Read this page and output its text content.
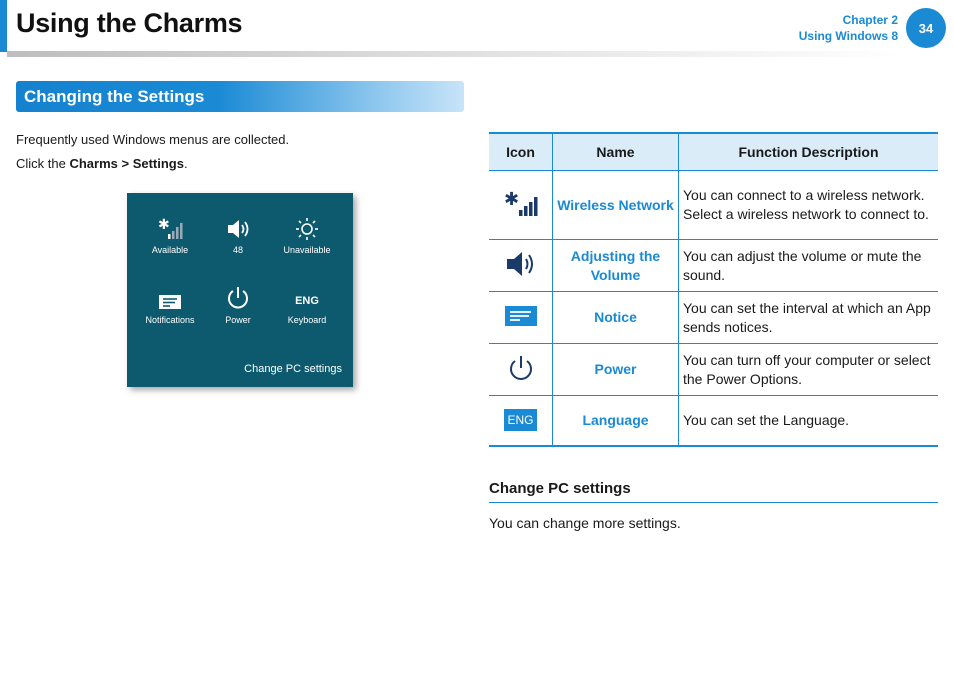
Using the Charms	Chapter 2
Using Windows 8
34
Changing the Settings
Frequently used Windows menus are collected.
Click the Charms > Settings.
✱
Available	48	Unavailable
Notifications	Power
ENG
Keyboard
Change PC settings
Icon	Name	Function Description

✱	Wireless Network	You can connect to a wireless network. Select a wireless network to connect to.
	Adjusting the Volume	You can adjust the volume or mute the sound.
	Notice	You can set the interval at which an App sends notices.
	Power	You can turn off your computer or select the Power Options.
ENG	Language	You can set the Language.
Change PC settings
You can change more settings.
